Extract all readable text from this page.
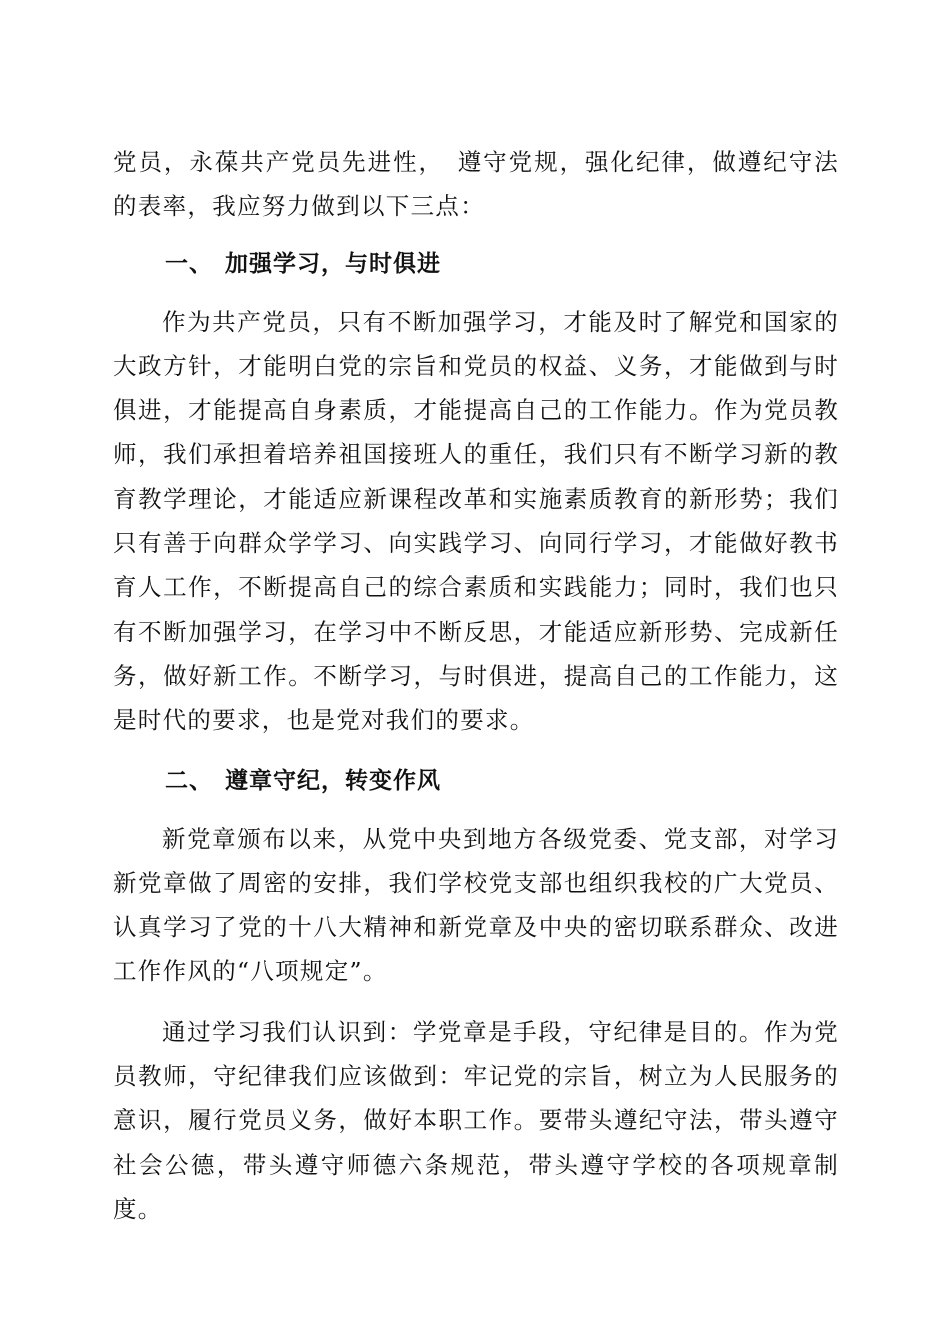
党员，永葆共产党员先进性，　遵守党规，强化纪律，做遵纪守法的表率，我应努力做到以下三点：

一、 加强学习，与时俱进

作为共产党员，只有不断加强学习，才能及时了解党和国家的大政方针，才能明白党的宗旨和党员的权益、义务，才能做到与时俱进，才能提高自身素质，才能提高自己的工作能力。作为党员教师，我们承担着培养祖国接班人的重任，我们只有不断学习新的教育教学理论，才能适应新课程改革和实施素质教育的新形势；我们只有善于向群众学学习、向实践学习、向同行学习，才能做好教书育人工作，不断提高自己的综合素质和实践能力；同时，我们也只有不断加强学习，在学习中不断反思，才能适应新形势、完成新任务，做好新工作。不断学习，与时俱进，提高自己的工作能力，这是时代的要求，也是党对我们的要求。

二、 遵章守纪，转变作风

新党章颁布以来，从党中央到地方各级党委、党支部，对学习新党章做了周密的安排，我们学校党支部也组织我校的广大党员、认真学习了党的十八大精神和新党章及中央的密切联系群众、改进工作作风的“八项规定”。

通过学习我们认识到：学党章是手段，守纪律是目的。作为党员教师，守纪律我们应该做到：牢记党的宗旨，树立为人民服务的意识，履行党员义务，做好本职工作。要带头遵纪守法，带头遵守社会公德，带头遵守师德六条规范，带头遵守学校的各项规章制度。
